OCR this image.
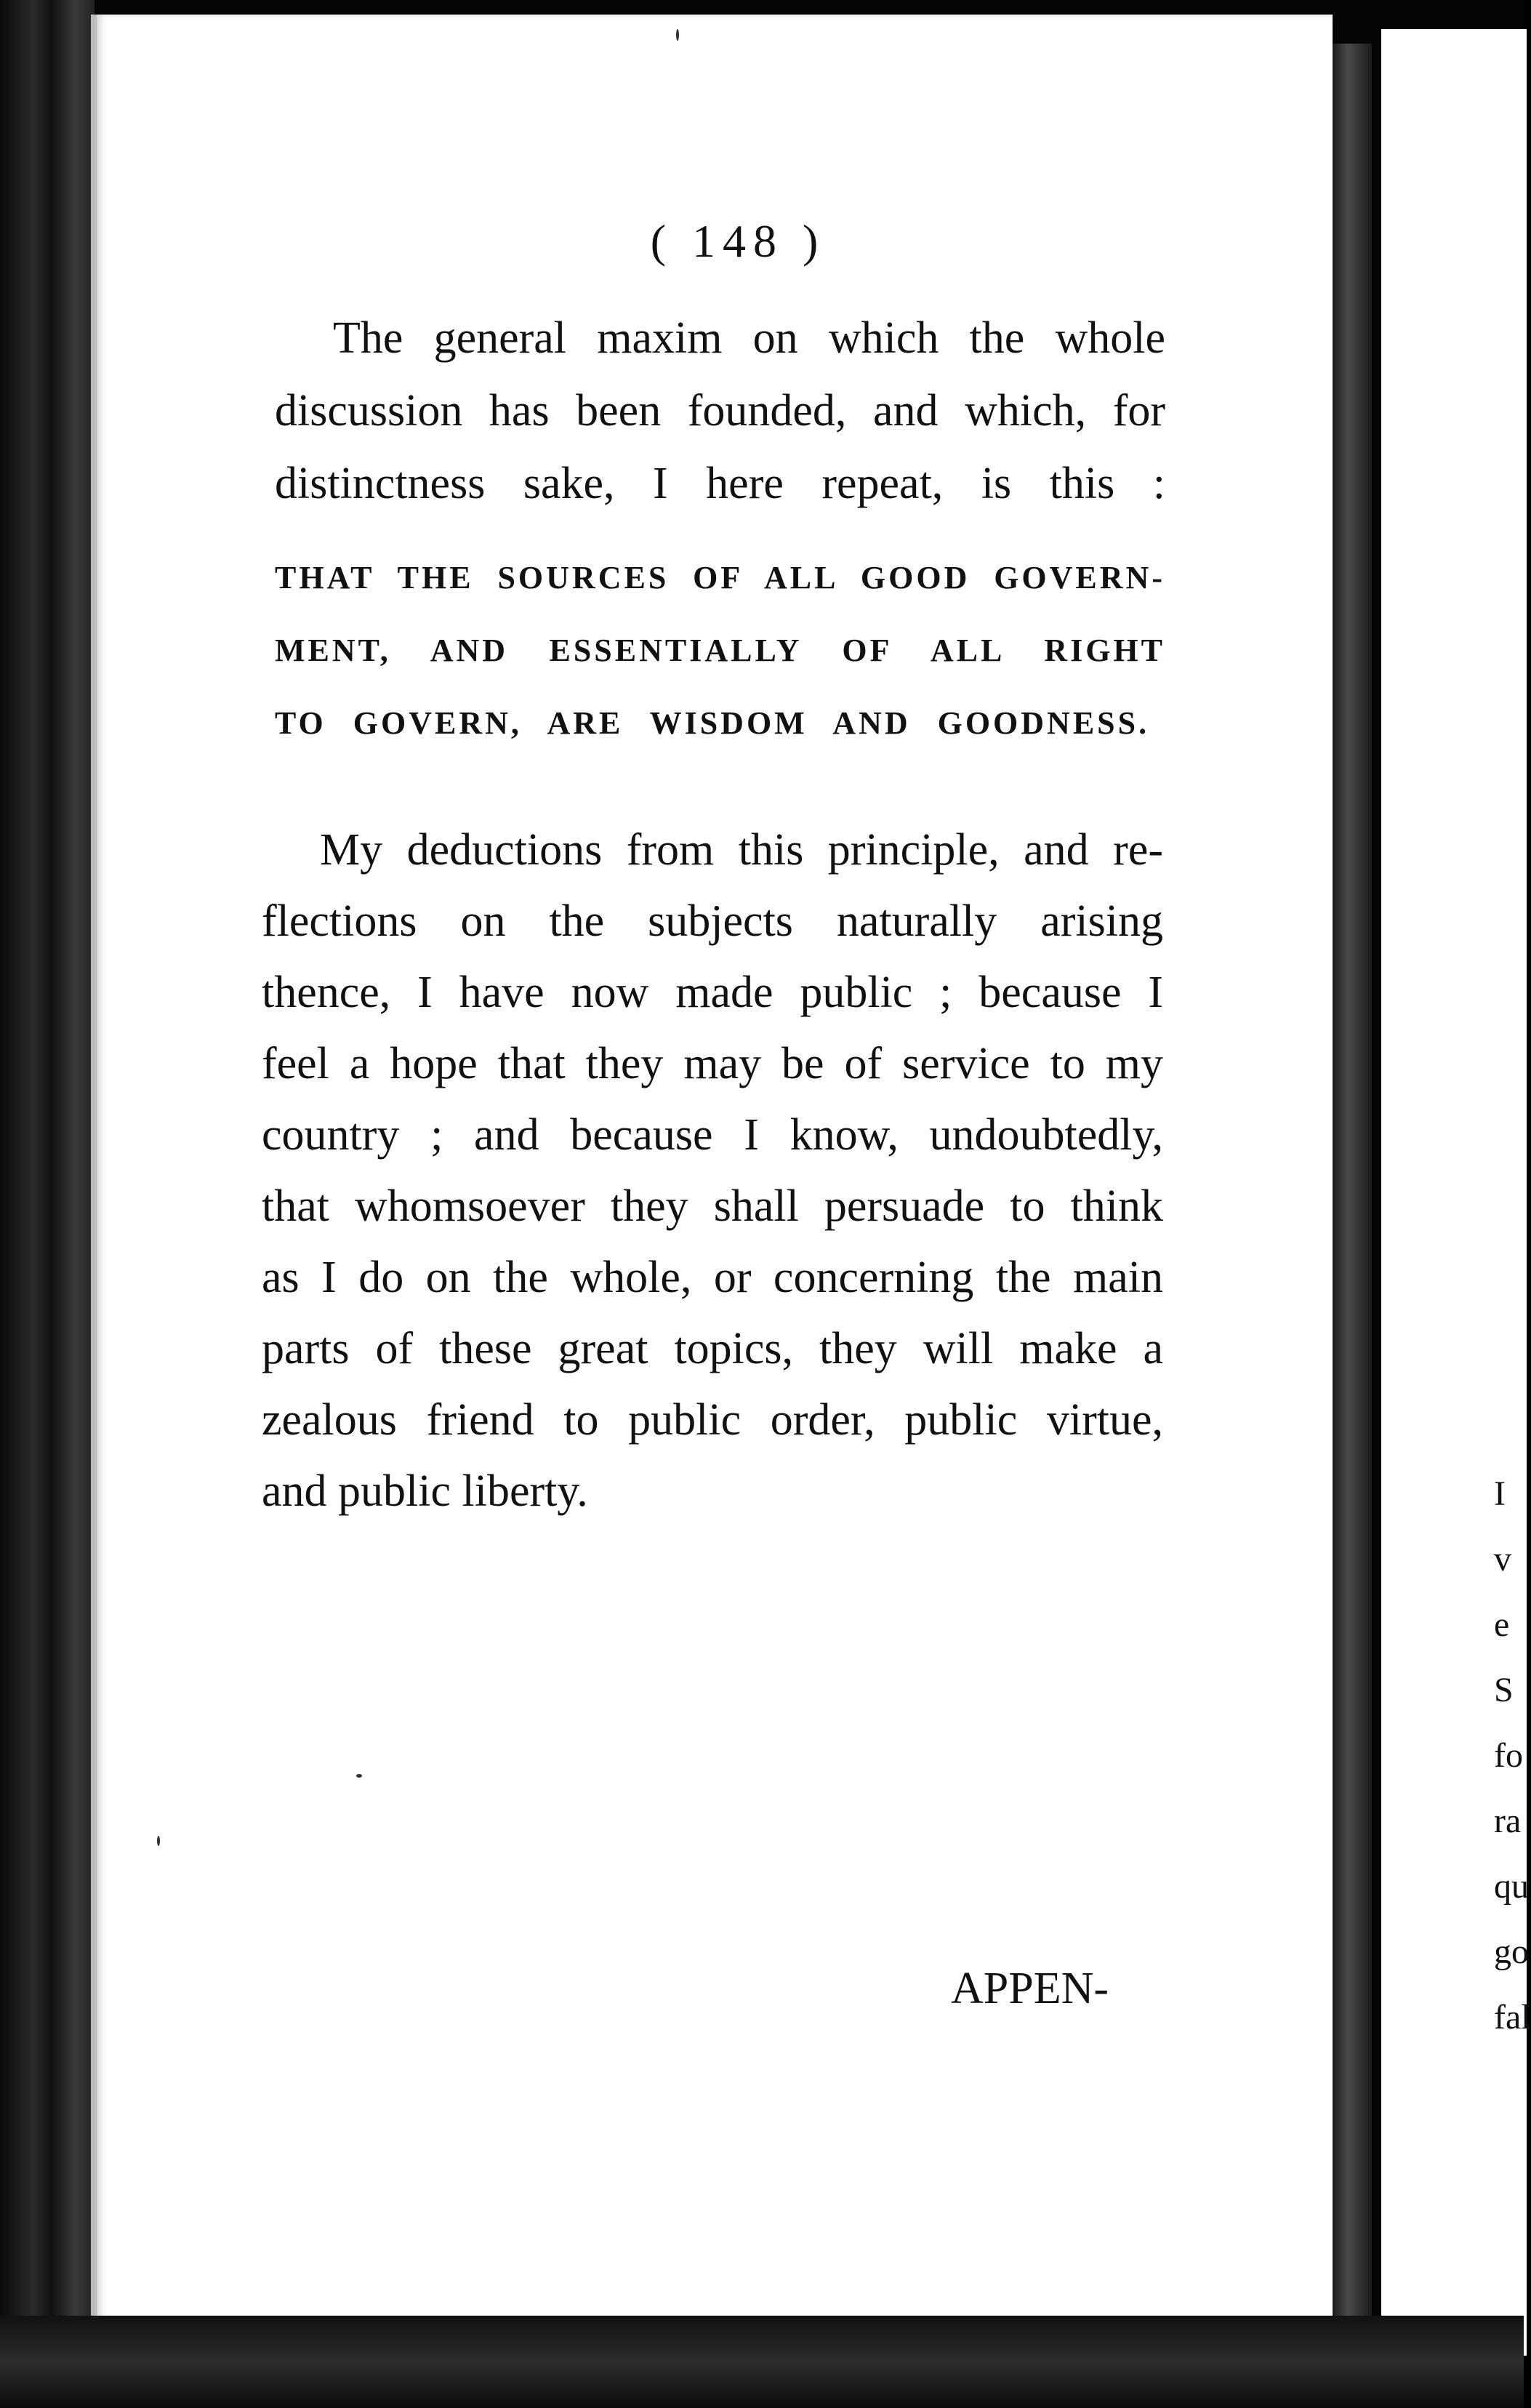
( 148 )
The general maxim on which the whole
discussion has been founded, and which, for
distinctness sake, I here repeat, is this :
THAT THE SOURCES OF ALL GOOD GOVERN-
MENT, AND ESSENTIALLY OF ALL RIGHT
TO GOVERN, ARE WISDOM AND GOODNESS.
My deductions from this principle, and re-
flections on the subjects naturally arising
thence, I have now made public ; because I
feel a hope that they may be of service to my
country ; and because I know, undoubtedly,
that whomsoever they shall persuade to think
as I do on the whole, or concerning the main
parts of these great topics, they will make a
zealous friend to public order, public virtue,
and public liberty.
APPEN-
I
v
e
S
fo
ra
qu
go
fal
